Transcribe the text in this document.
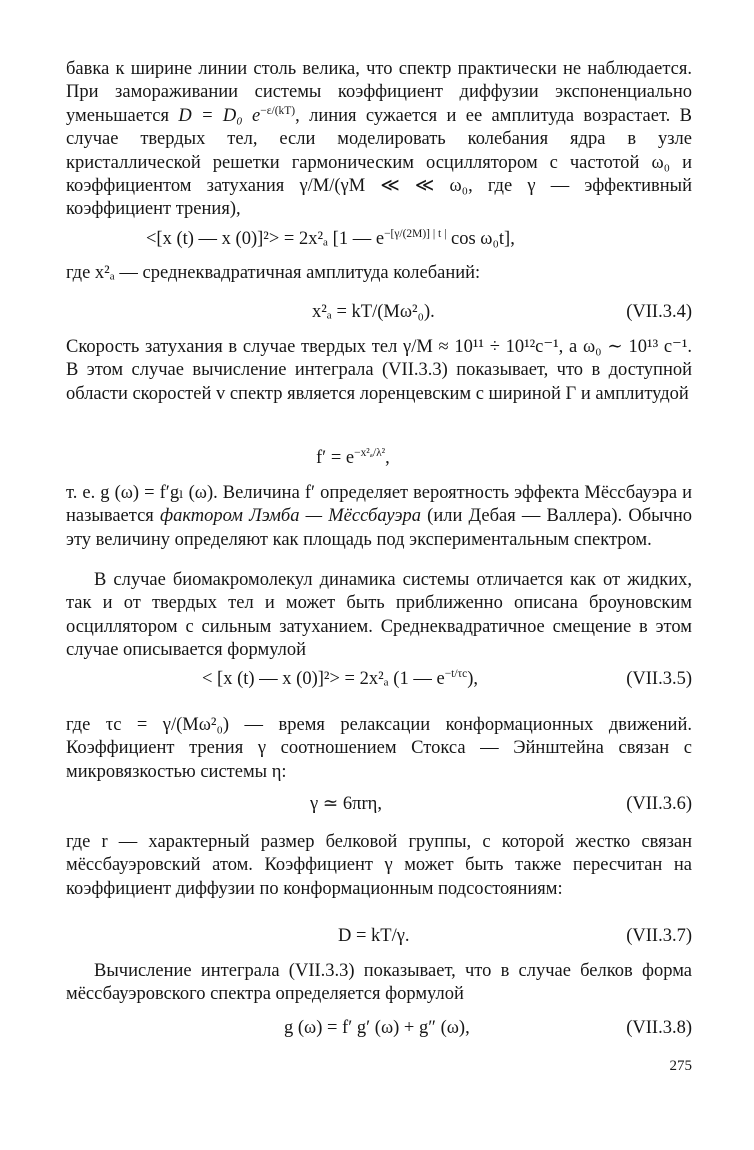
бавка к ширине линии столь велика, что спектр практически не наблюдается. При замораживании системы коэффициент диффузии экспоненциально уменьшается D = D₀ $e^{-\varepsilon/(kT)}$, линия сужается и ее амплитуда возрастает. В случае твердых тел, если моделировать колебания ядра в узле кристаллической решетки гармоническим осциллятором с частотой ω₀ и коэффициентом затухания γ/M/(γM ≪ ≪ ω₀, где γ — эффективный коэффициент трения),

<[x (t) — x (0)]²> = 2x²ₐ [1 — $e^{-[\gamma/(2M)] | t |}$ cos ω₀t],

где x²ₐ — среднеквадратичная амплитуда колебаний:

x²ₐ = kT/(Mω²₀).	(VII.3.4)

Скорость затухания в случае твердых тел γ/M ≈ 10¹¹ ÷ 10¹²c⁻¹, а ω₀ ∼ 10¹³ c⁻¹. В этом случае вычисление интеграла (VII.3.3) показывает, что в доступной области скоростей v спектр является лоренцевским с шириной Γ и амплитудой

$f' = e^{-x^2_a/\lambda^2}$,

т. е. g (ω) = f′gₗ (ω). Величина f′ определяет вероятность эффекта Мёссбауэра и называется фактором Лэмба — Мёссбауэра (или Дебая — Валлера). Обычно эту величину определяют как площадь под экспериментальным спектром.

В случае биомакромолекул динамика системы отличается как от жидких, так и от твердых тел и может быть приближенно описана броуновским осциллятором с сильным затуханием. Среднеквадратичное смещение в этом случае описывается формулой

< [x (t) — x (0)]²> = 2x²ₐ (1 — $e^{-t/\tau c}$),	(VII.3.5)

где τc = γ/(Mω²₀) — время релаксации конформационных движений. Коэффициент трения γ соотношением Стокса — Эйнштейна связан с микровязкостью системы η:

γ ≃ 6πrη,	(VII.3.6)

где r — характерный размер белковой группы, с которой жестко связан мёссбауэровский атом. Коэффициент γ может быть также пересчитан на коэффициент диффузии по конформационным подсостояниям:

D = kT/γ.	(VII.3.7)

Вычисление интеграла (VII.3.3) показывает, что в случае белков форма мёссбауэровского спектра определяется формулой

g (ω) = f′ g′ (ω) + g″ (ω),	(VII.3.8)
275
